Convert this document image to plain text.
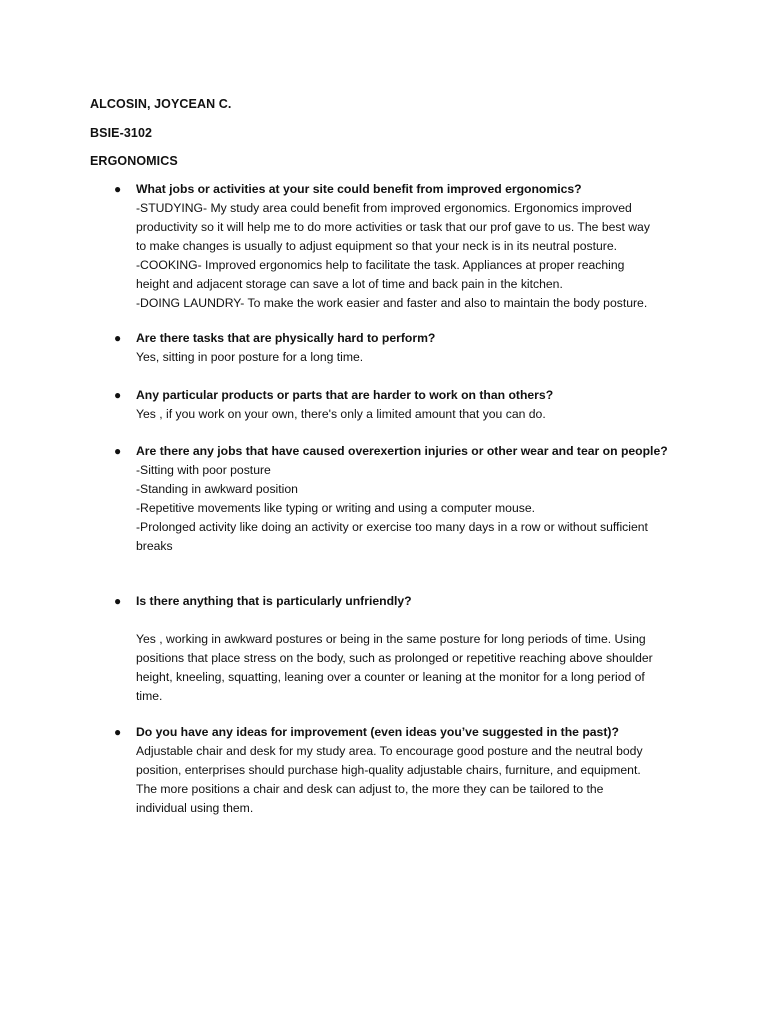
ALCOSIN, JOYCEAN C.
BSIE-3102
ERGONOMICS
● What jobs or activities at your site could benefit from improved ergonomics?
-STUDYING- My study area could benefit from improved ergonomics. Ergonomics improved
productivity so it will help me to do more activities or task that our prof gave to us. The best way
to make changes is usually to adjust equipment so that your neck is in its neutral posture.
-COOKING- Improved ergonomics help to facilitate the task. Appliances at proper reaching
height and adjacent storage can save a lot of time and back pain in the kitchen.
-DOING LAUNDRY- To make the work easier and faster and also to maintain the body posture.
● Are there tasks that are physically hard to perform?
Yes, sitting in poor posture for a long time.
● Any particular products or parts that are harder to work on than others?
Yes , if you work on your own, there's only a limited amount that you can do.
● Are there any jobs that have caused overexertion injuries or other wear and tear on people?
-Sitting with poor posture
-Standing in awkward position
-Repetitive movements like typing or writing and using a computer mouse.
-Prolonged activity like doing an activity or exercise too many days in a row or without sufficient
breaks
● Is there anything that is particularly unfriendly?
Yes , working in awkward postures or being in the same posture for long periods of time. Using
positions that place stress on the body, such as prolonged or repetitive reaching above shoulder
height, kneeling, squatting, leaning over a counter or leaning at the monitor for a long period of
time.
● Do you have any ideas for improvement (even ideas you’ve suggested in the past)?
Adjustable chair and desk for my study area. To encourage good posture and the neutral body
position, enterprises should purchase high-quality adjustable chairs, furniture, and equipment.
The more positions a chair and desk can adjust to, the more they can be tailored to the
individual using them.
